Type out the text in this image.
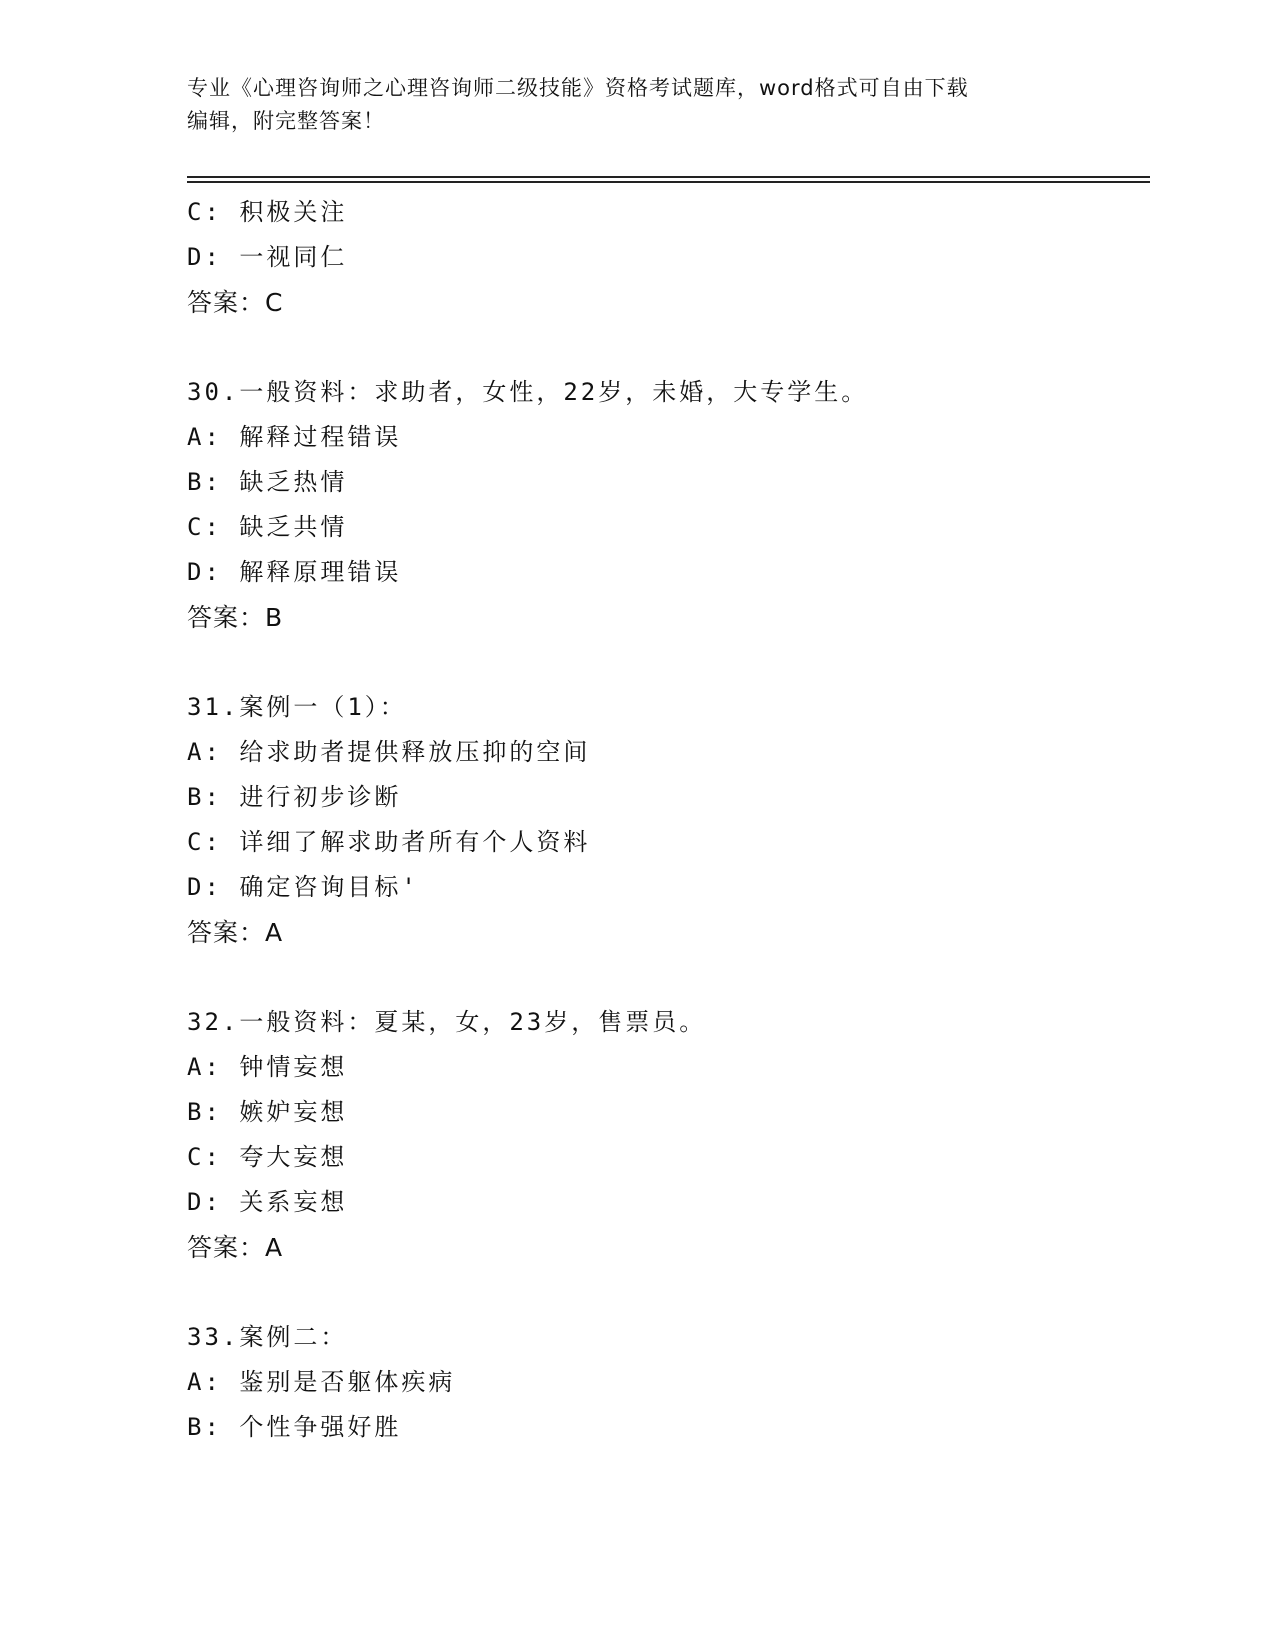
专业《心理咨询师之心理咨询师二级技能》资格考试题库，word格式可自由下载
编辑，附完整答案！
C: 积极关注
D: 一视同仁
答案：C
30.一般资料：求助者，女性，22岁，未婚，大专学生。
A: 解释过程错误
B: 缺乏热情
C: 缺乏共情
D: 解释原理错误
答案：B
31.案例一（1）：
A: 给求助者提供释放压抑的空间
B: 进行初步诊断
C: 详细了解求助者所有个人资料
D: 确定咨询目标'
答案：A
32.一般资料：夏某，女，23岁，售票员。
A: 钟情妄想
B: 嫉妒妄想
C: 夸大妄想
D: 关系妄想
答案：A
33.案例二：
A: 鉴别是否躯体疾病
B: 个性争强好胜
